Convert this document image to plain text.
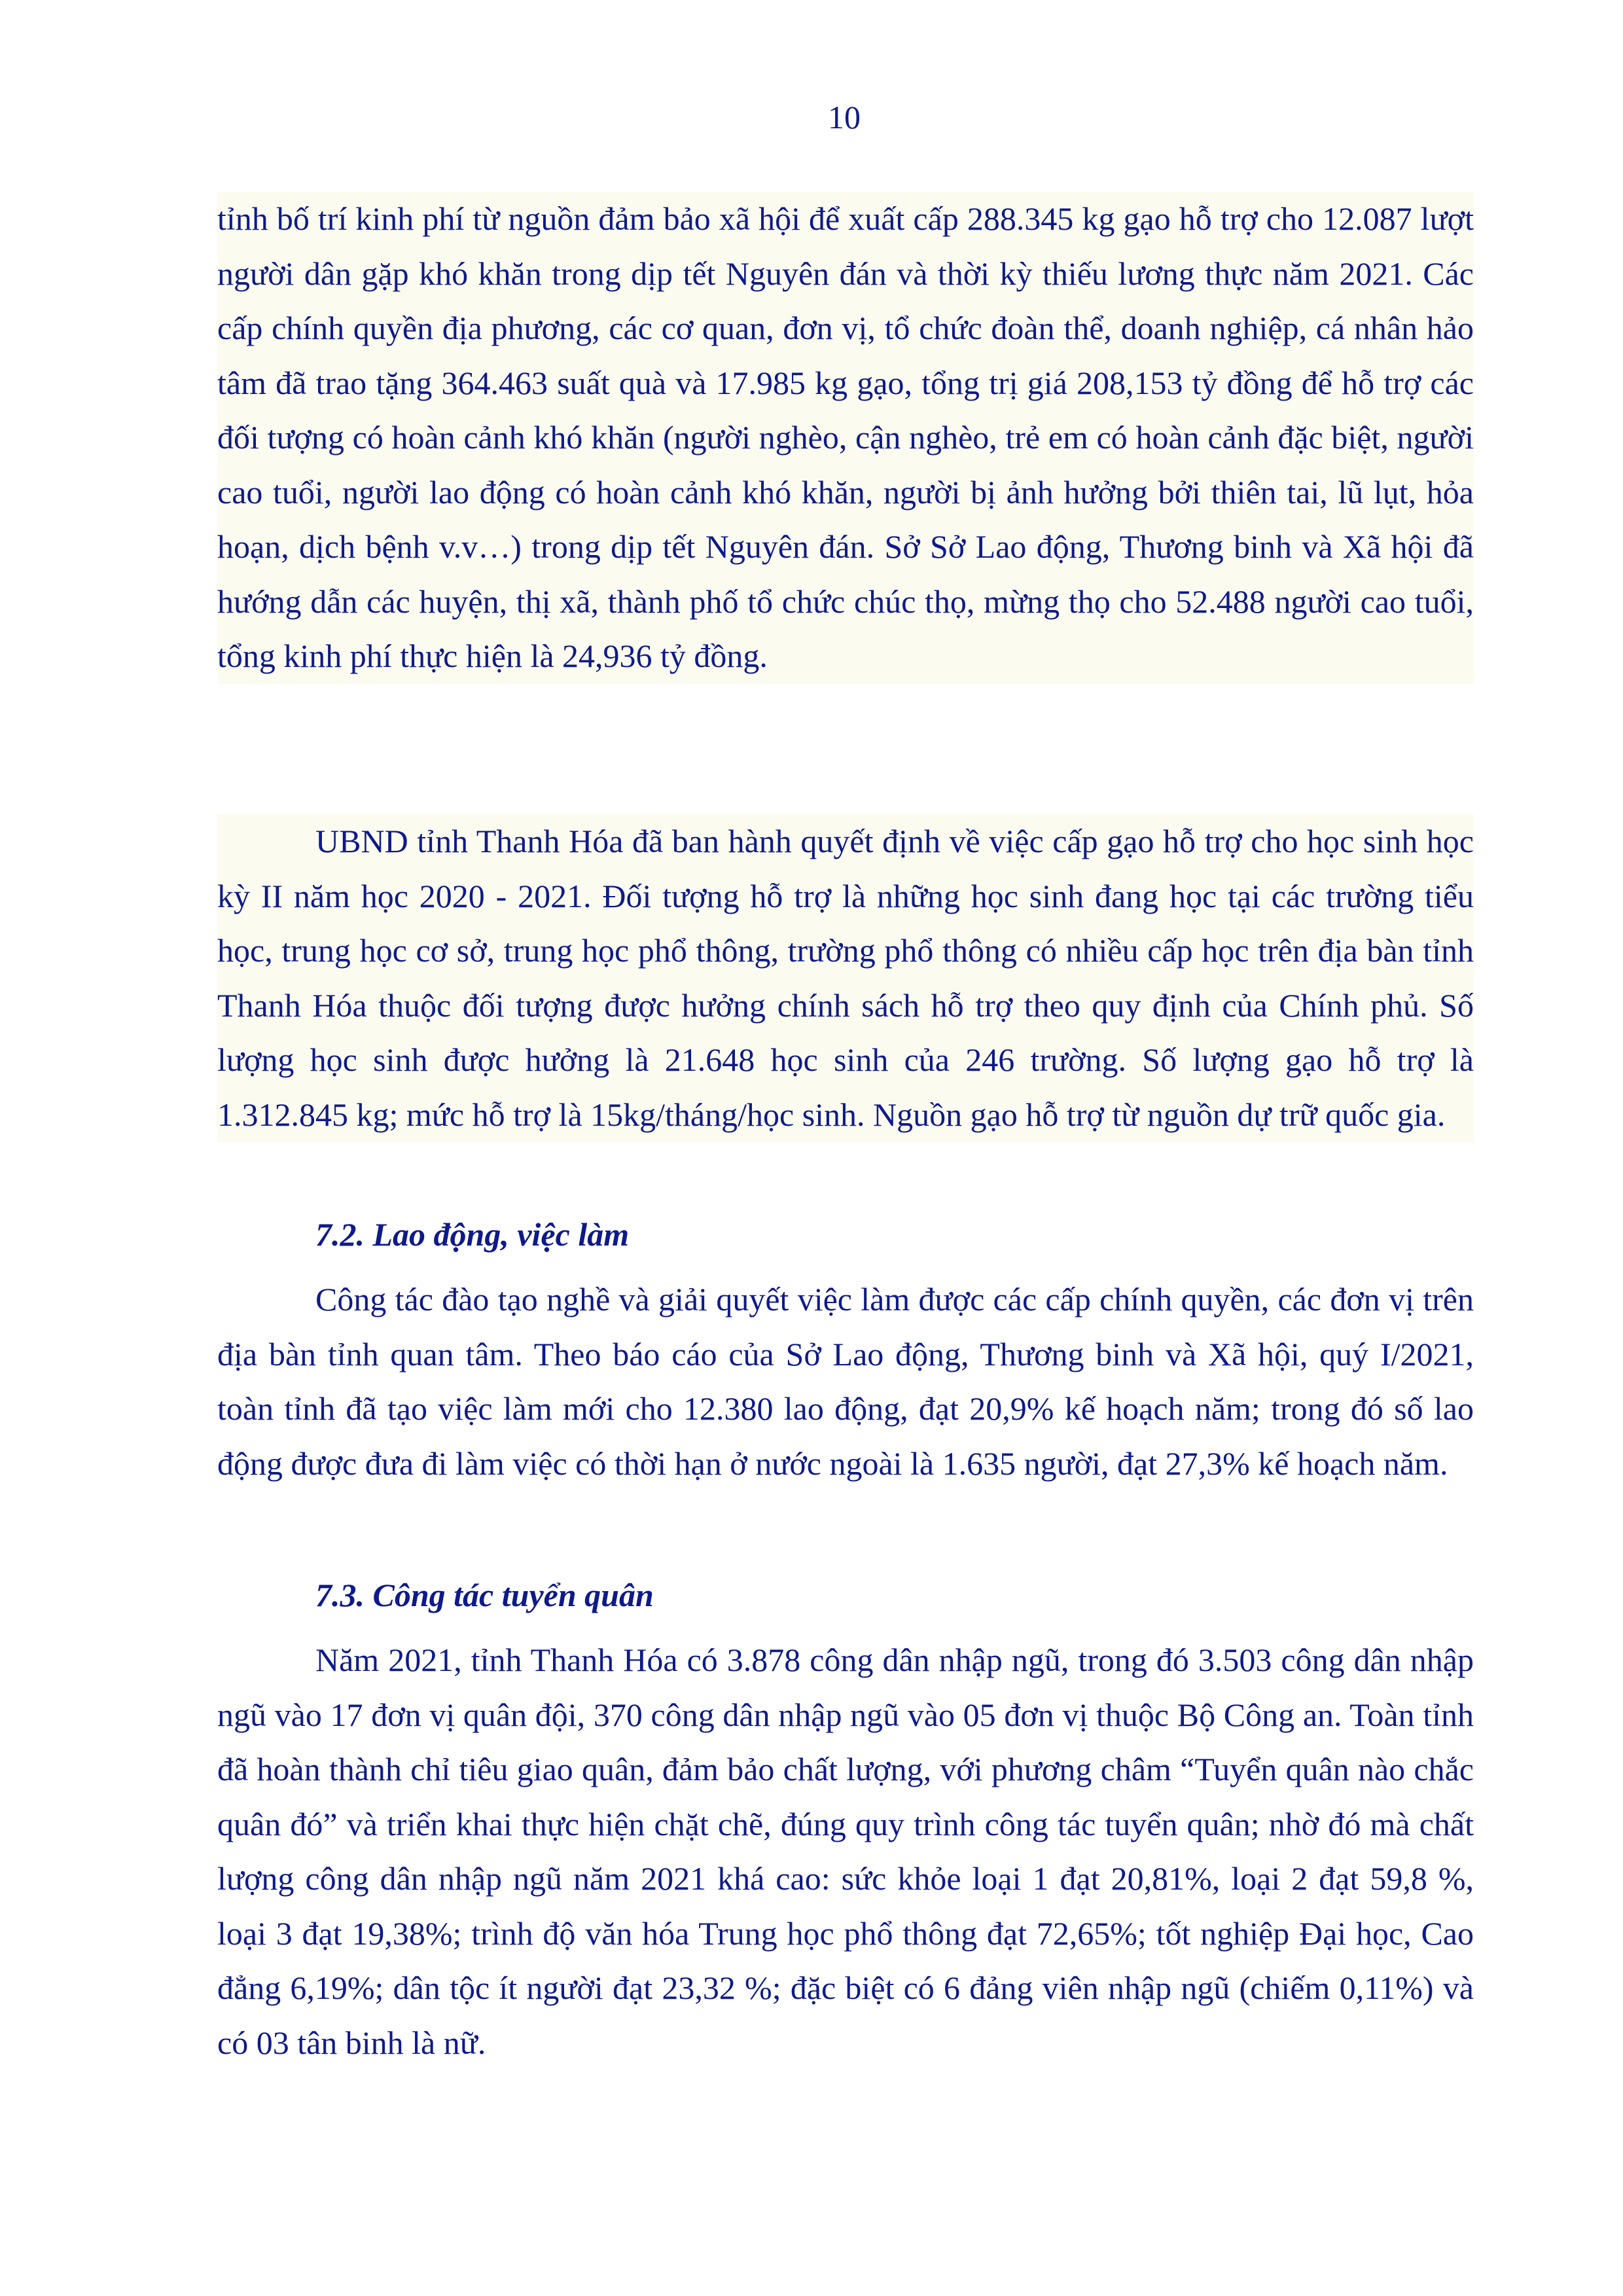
10

tỉnh bố trí kinh phí từ nguồn đảm bảo xã hội để xuất cấp 288.345 kg gạo hỗ trợ cho 12.087 lượt người dân gặp khó khăn trong dịp tết Nguyên đán và thời kỳ thiếu lương thực năm 2021. Các cấp chính quyền địa phương, các cơ quan, đơn vị, tổ chức đoàn thể, doanh nghiệp, cá nhân hảo tâm đã trao tặng 364.463 suất quà và 17.985 kg gạo, tổng trị giá 208,153 tỷ đồng để hỗ trợ các đối tượng có hoàn cảnh khó khăn (người nghèo, cận nghèo, trẻ em có hoàn cảnh đặc biệt, người cao tuổi, người lao động có hoàn cảnh khó khăn, người bị ảnh hưởng bởi thiên tai, lũ lụt, hỏa hoạn, dịch bệnh v.v…) trong dịp tết Nguyên đán. Sở Sở Lao động, Thương binh và Xã hội đã hướng dẫn các huyện, thị xã, thành phố tổ chức chúc thọ, mừng thọ cho 52.488 người cao tuổi, tổng kinh phí thực hiện là 24,936 tỷ đồng.

UBND tỉnh Thanh Hóa đã ban hành quyết định về việc cấp gạo hỗ trợ cho học sinh học kỳ II năm học 2020 - 2021. Đối tượng hỗ trợ là những học sinh đang học tại các trường tiểu học, trung học cơ sở, trung học phổ thông, trường phổ thông có nhiều cấp học trên địa bàn tỉnh Thanh Hóa thuộc đối tượng được hưởng chính sách hỗ trợ theo quy định của Chính phủ. Số lượng học sinh được hưởng là 21.648 học sinh của 246 trường. Số lượng gạo hỗ trợ là 1.312.845 kg; mức hỗ trợ là 15kg/tháng/học sinh. Nguồn gạo hỗ trợ từ nguồn dự trữ quốc gia.

7.2. Lao động, việc làm

Công tác đào tạo nghề và giải quyết việc làm được các cấp chính quyền, các đơn vị trên địa bàn tỉnh quan tâm. Theo báo cáo của Sở Lao động, Thương binh và Xã hội, quý I/2021, toàn tỉnh đã tạo việc làm mới cho 12.380 lao động, đạt 20,9% kế hoạch năm; trong đó số lao động được đưa đi làm việc có thời hạn ở nước ngoài là 1.635 người, đạt 27,3% kế hoạch năm.

7.3. Công tác tuyển quân

Năm 2021, tỉnh Thanh Hóa có 3.878 công dân nhập ngũ, trong đó 3.503 công dân nhập ngũ vào 17 đơn vị quân đội, 370 công dân nhập ngũ vào 05 đơn vị thuộc Bộ Công an. Toàn tỉnh đã hoàn thành chỉ tiêu giao quân, đảm bảo chất lượng, với phương châm “Tuyển quân nào chắc quân đó” và triển khai thực hiện chặt chẽ, đúng quy trình công tác tuyển quân; nhờ đó mà chất lượng công dân nhập ngũ năm 2021 khá cao: sức khỏe loại 1 đạt 20,81%, loại 2 đạt 59,8 %, loại 3 đạt 19,38%; trình độ văn hóa Trung học phổ thông đạt 72,65%; tốt nghiệp Đại học, Cao đẳng 6,19%; dân tộc ít người đạt 23,32 %; đặc biệt có 6 đảng viên nhập ngũ (chiếm 0,11%) và có 03 tân binh là nữ.
